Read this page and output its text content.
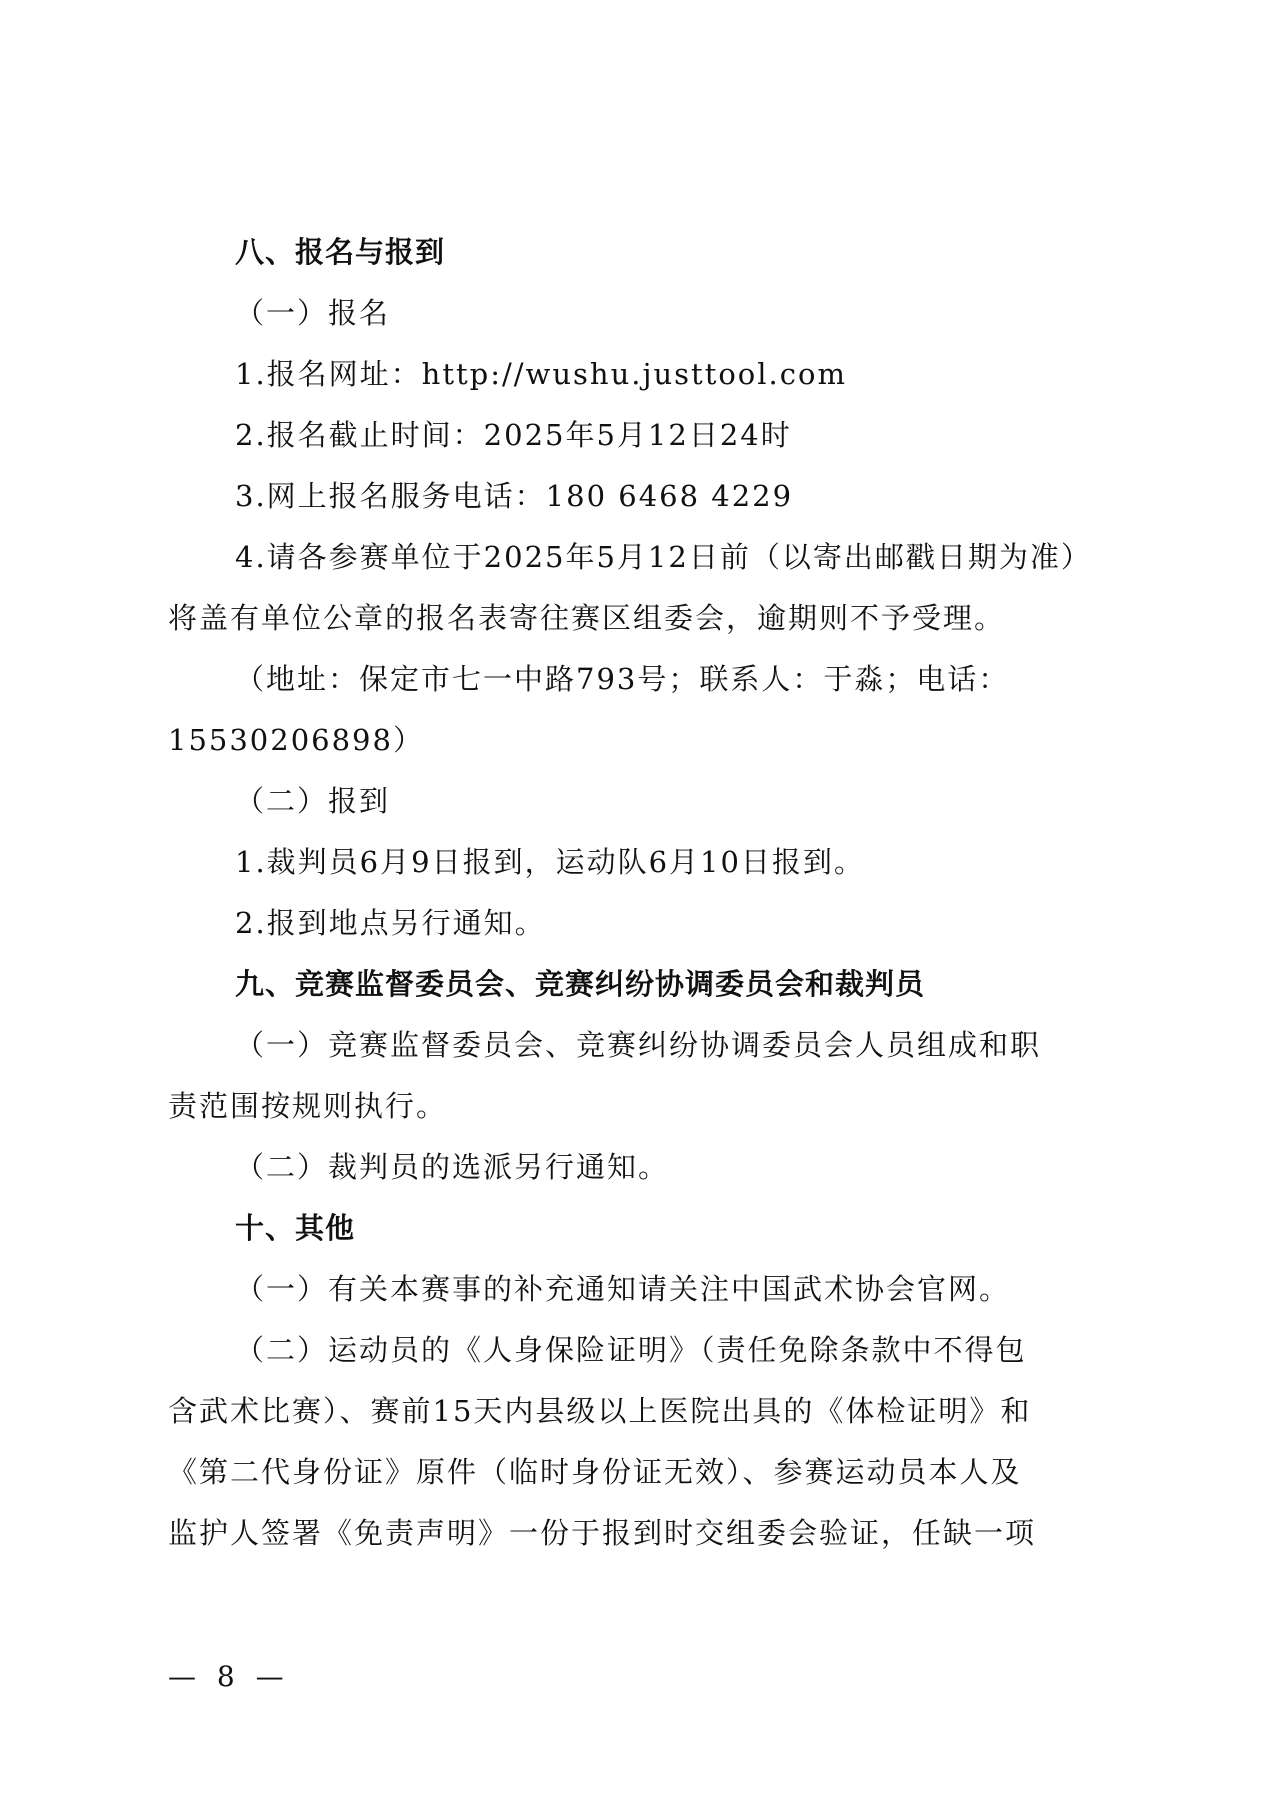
八、报名与报到
（一）报名
1.报名网址：http://wushu.justtool.com
2.报名截止时间：2025年5月12日24时
3.网上报名服务电话：180 6468 4229
4.请各参赛单位于2025年5月12日前（以寄出邮戳日期为准）
将盖有单位公章的报名表寄往赛区组委会，逾期则不予受理。
（地址：保定市七一中路793号；联系人：于淼；电话：
15530206898）
（二）报到
1.裁判员6月9日报到，运动队6月10日报到。
2.报到地点另行通知。
九、竞赛监督委员会、竞赛纠纷协调委员会和裁判员
（一）竞赛监督委员会、竞赛纠纷协调委员会人员组成和职
责范围按规则执行。
（二）裁判员的选派另行通知。
十、其他
（一）有关本赛事的补充通知请关注中国武术协会官网。
（二）运动员的《人身保险证明》（责任免除条款中不得包
含武术比赛）、赛前15天内县级以上医院出具的《体检证明》和
《第二代身份证》原件（临时身份证无效）、参赛运动员本人及
监护人签署《免责声明》一份于报到时交组委会验证，任缺一项
— 8 —
